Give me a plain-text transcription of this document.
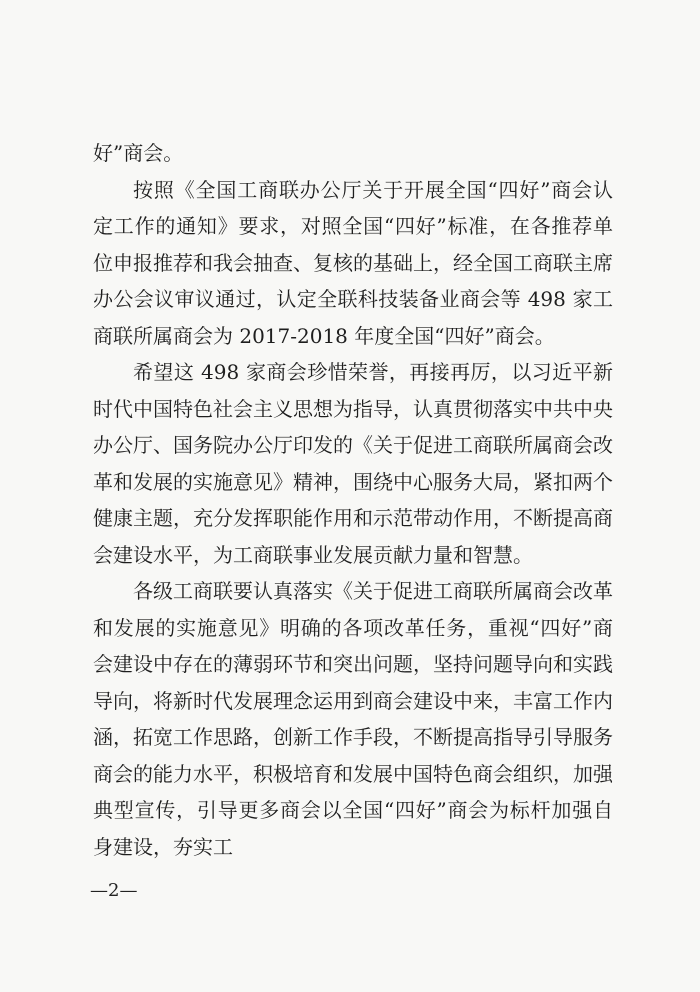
好”商会。

按照《全国工商联办公厅关于开展全国“四好”商会认定工作的通知》要求，对照全国“四好”标准，在各推荐单位申报推荐和我会抽查、复核的基础上，经全国工商联主席办公会议审议通过，认定全联科技装备业商会等 498 家工商联所属商会为 2017-2018 年度全国“四好”商会。

希望这 498 家商会珍惜荣誉，再接再厉，以习近平新时代中国特色社会主义思想为指导，认真贯彻落实中共中央办公厅、国务院办公厅印发的《关于促进工商联所属商会改革和发展的实施意见》精神，围绕中心服务大局，紧扣两个健康主题，充分发挥职能作用和示范带动作用，不断提高商会建设水平，为工商联事业发展贡献力量和智慧。

各级工商联要认真落实《关于促进工商联所属商会改革和发展的实施意见》明确的各项改革任务，重视“四好”商会建设中存在的薄弱环节和突出问题，坚持问题导向和实践导向，将新时代发展理念运用到商会建设中来，丰富工作内涵，拓宽工作思路，创新工作手段，不断提高指导引导服务商会的能力水平，积极培育和发展中国特色商会组织，加强典型宣传，引导更多商会以全国“四好”商会为标杆加强自身建设，夯实工

—2—
